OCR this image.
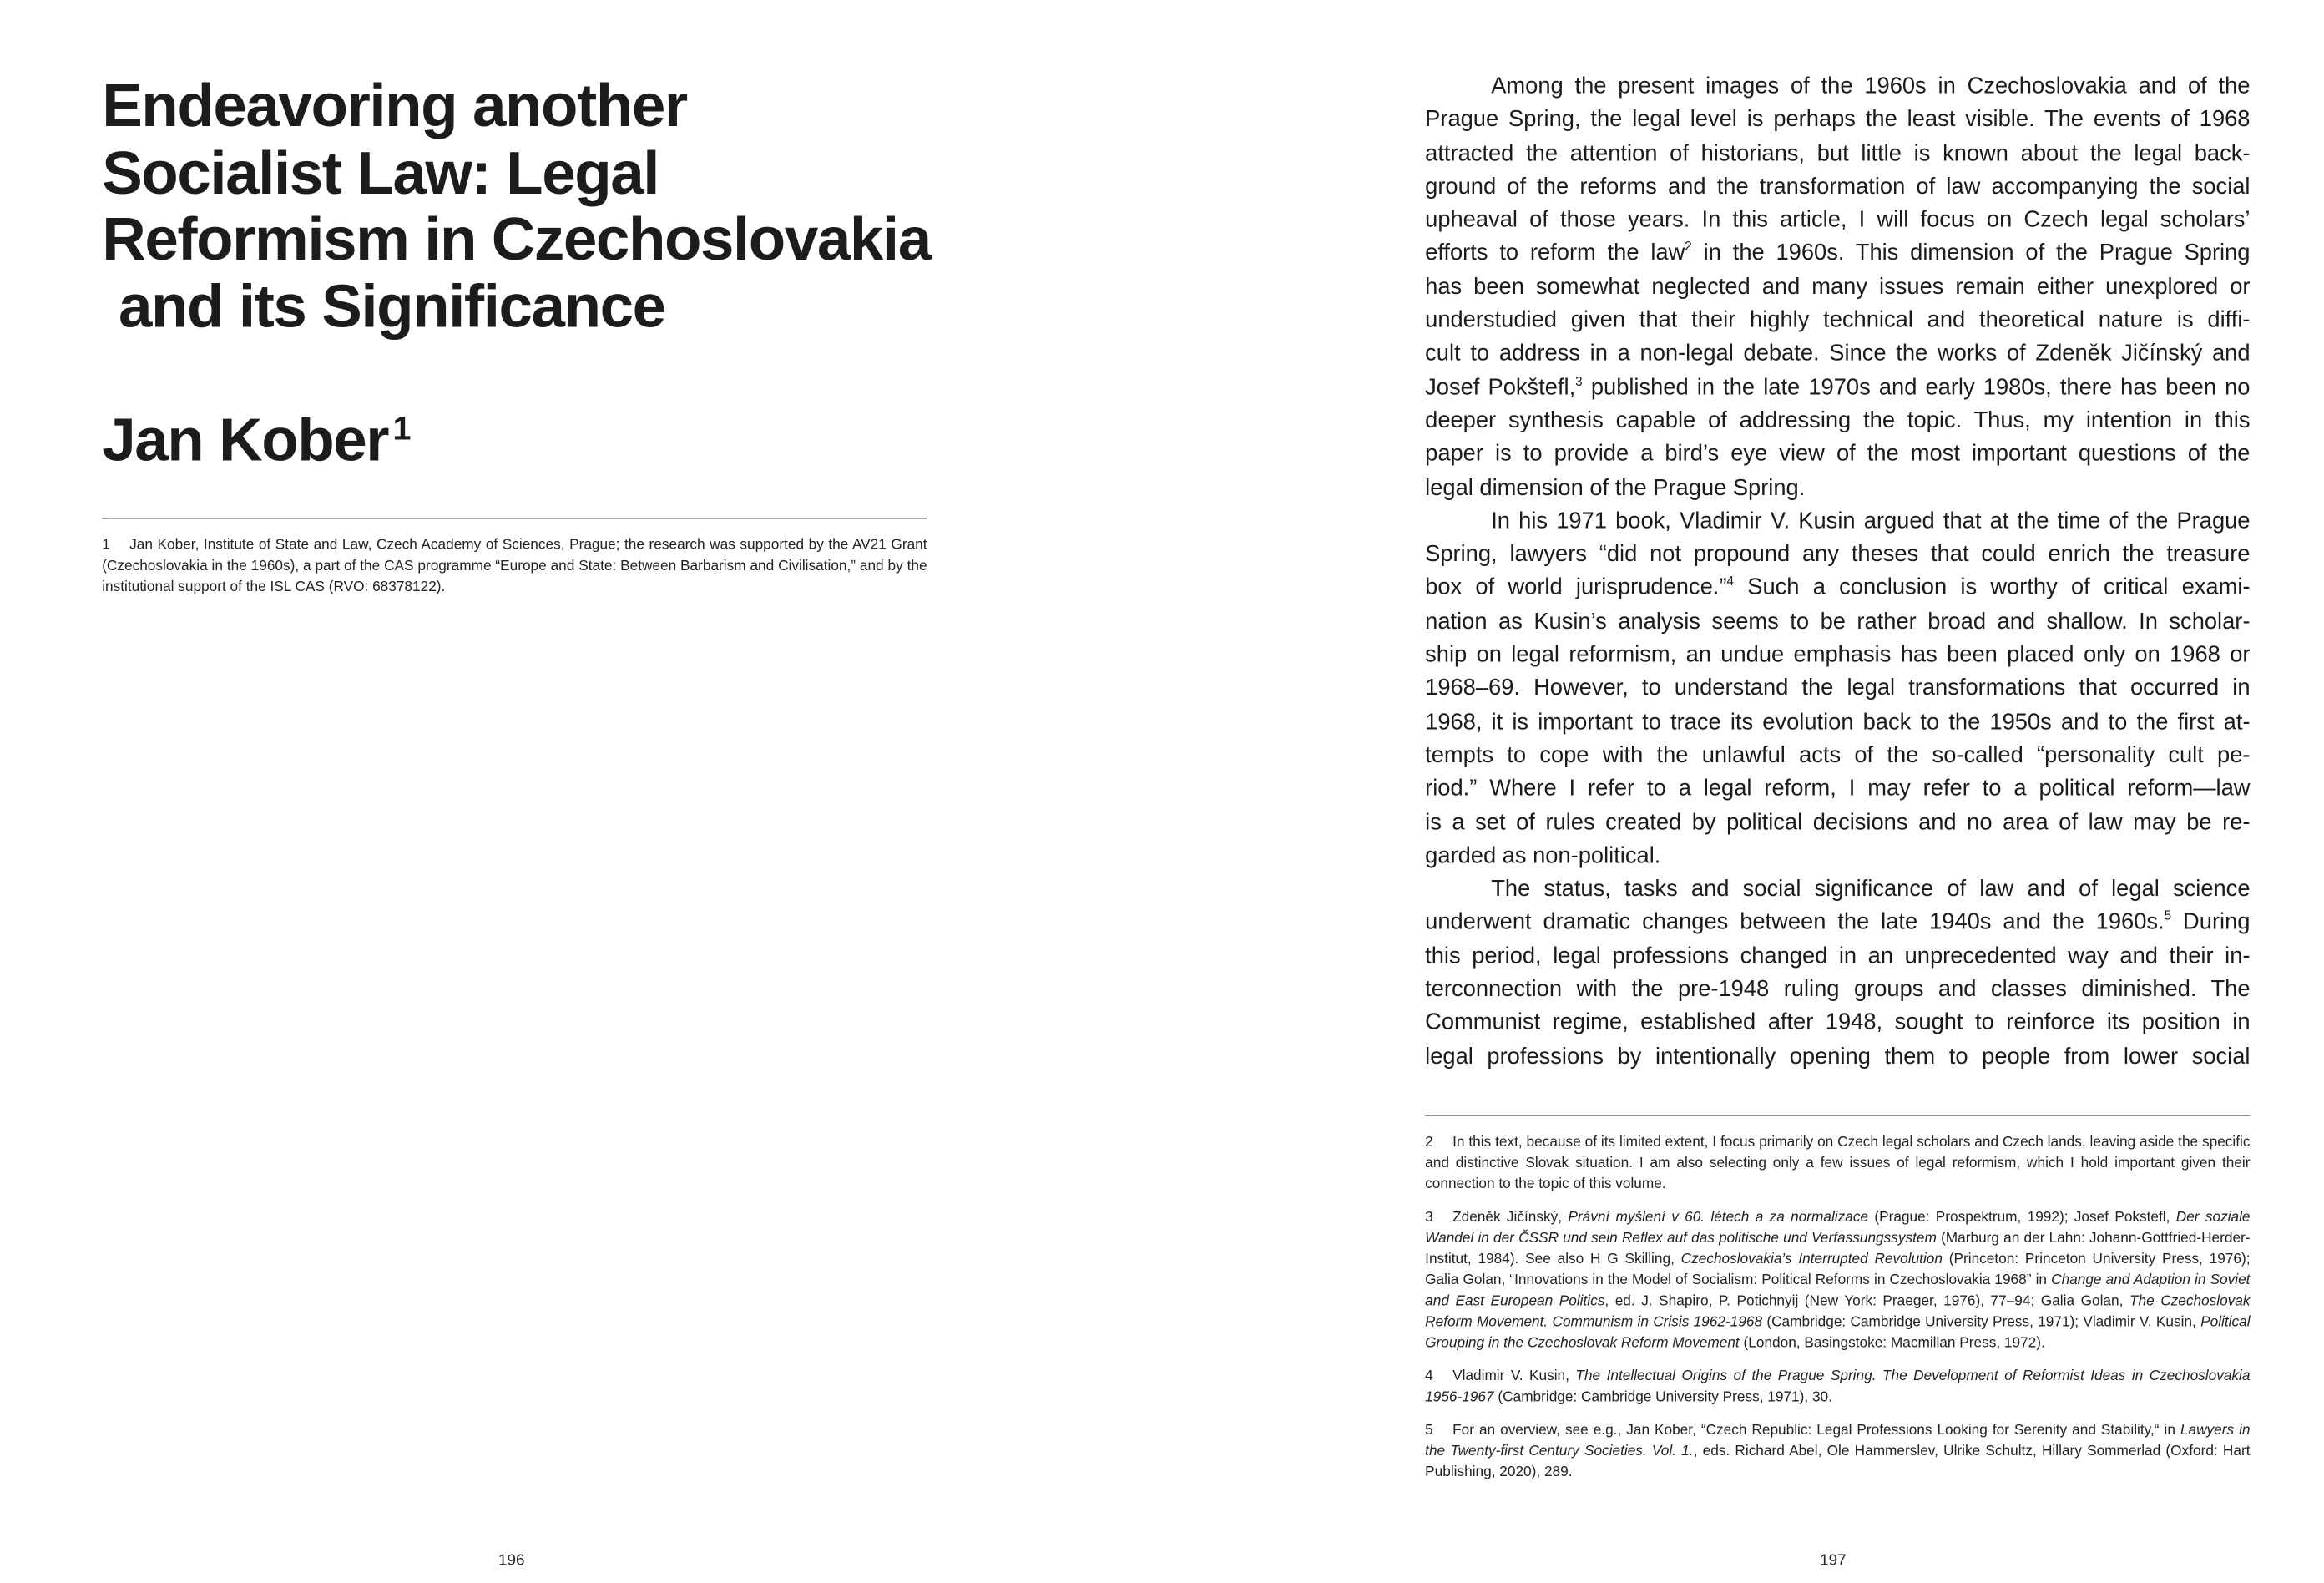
Endeavoring another
Socialist Law: Legal
Reformism in Czechoslovakia
and its Significance
Jan Kober $^1$

1 Jan Kober, Institute of State and Law, Czech Academy of Sciences, Prague; the research was supported by the AV21 Grant (Czechoslovakia in the 1960s), a part of the CAS programme “Europe and State: Between Barbarism and Civilisation,” and by the institutional support of the ISL CAS (RVO: 68378122).

196

Among the present images of the 1960s in Czechoslovakia and of the
Prague Spring, the legal level is perhaps the least visible. The events of 1968
attracted the attention of historians, but little is known about the legal back-
ground of the reforms and the transformation of law accompanying the social
upheaval of those years. In this article, I will focus on Czech legal scholars’
efforts to reform the law$^2$ in the 1960s. This dimension of the Prague Spring
has been somewhat neglected and many issues remain either unexplored or
understudied given that their highly technical and theoretical nature is diffi-
cult to address in a non-legal debate. Since the works of Zdeněk Jičínský and
Josef Pokštefl,$^3$ published in the late 1970s and early 1980s, there has been no
deeper synthesis capable of addressing the topic. Thus, my intention in this
paper is to provide a bird’s eye view of the most important questions of the
legal dimension of the Prague Spring.

In his 1971 book, Vladimir V. Kusin argued that at the time of the Prague
Spring, lawyers “did not propound any theses that could enrich the treasure
box of world jurisprudence.”$^4$ Such a conclusion is worthy of critical exami-
nation as Kusin’s analysis seems to be rather broad and shallow. In scholar-
ship on legal reformism, an undue emphasis has been placed only on 1968 or
1968–69. However, to understand the legal transformations that occurred in
1968, it is important to trace its evolution back to the 1950s and to the first at-
tempts to cope with the unlawful acts of the so-called “personality cult pe-
riod.” Where I refer to a legal reform, I may refer to a political reform—law
is a set of rules created by political decisions and no area of law may be re-
garded as non-political.

The status, tasks and social significance of law and of legal science
underwent dramatic changes between the late 1940s and the 1960s.$^5$ During
this period, legal professions changed in an unprecedented way and their in-
terconnection with the pre-1948 ruling groups and classes diminished. The
Communist regime, established after 1948, sought to reinforce its position in
legal professions by intentionally opening them to people from lower social

2 In this text, because of its limited extent, I focus primarily on Czech legal scholars and Czech lands, leaving aside the specific and distinctive Slovak situation. I am also selecting only a few issues of legal reformism, which I hold important given their connection to the topic of this volume.

3 Zdeněk Jičínský, Právní myšlení v 60. létech a za normalizace (Prague: Prospektrum, 1992); Josef Pokstefl, Der soziale Wandel in der ČSSR und sein Reflex auf das politische und Verfassungssystem (Marburg an der Lahn: Johann-Gottfried-Herder-Institut, 1984). See also H G Skilling, Czechoslovakia’s Interrupted Revolution (Princeton: Princeton University Press, 1976); Galia Golan, “Innovations in the Model of Socialism: Political Reforms in Czechoslovakia 1968” in Change and Adaption in Soviet and East European Politics, ed. J. Shapiro, P. Potichnyij (New York: Praeger, 1976), 77–94; Galia Golan, The Czechoslovak Reform Movement. Communism in Crisis 1962-1968 (Cambridge: Cambridge University Press, 1971); Vladimir V. Kusin, Political Grouping in the Czechoslovak Reform Movement (London, Basingstoke: Macmillan Press, 1972).

4 Vladimir V. Kusin, The Intellectual Origins of the Prague Spring. The Development of Reformist Ideas in Czechoslovakia 1956-1967 (Cambridge: Cambridge University Press, 1971), 30.

5 For an overview, see e.g., Jan Kober, “Czech Republic: Legal Professions Looking for Serenity and Stability,“ in Lawyers in the Twenty-first Century Societies. Vol. 1., eds. Richard Abel, Ole Hammerslev, Ulrike Schultz, Hillary Sommerlad (Oxford: Hart Publishing, 2020), 289.

197
